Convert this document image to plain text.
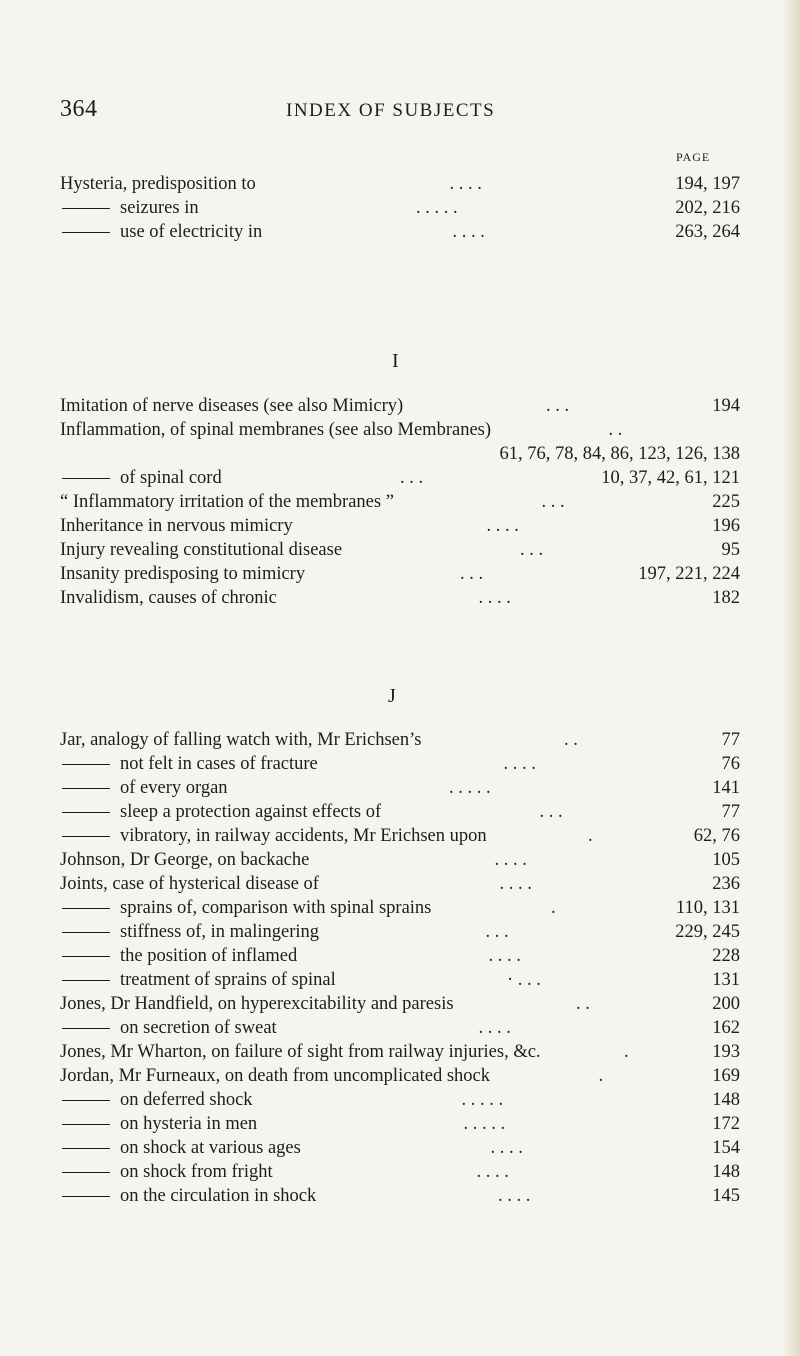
364	INDEX OF SUBJECTS
PAGE
Hysteria, predisposition to	. . . .	194, 197
seizures in	. . . . .	202, 216
use of electricity in	. . . .	263, 264
I
Imitation of nerve diseases (see also Mimicry)	. . .	194
Inflammation, of spinal membranes (see also Membranes)	. .
61, 76, 78, 84, 86, 123, 126, 138
of spinal cord	. . .	10, 37, 42, 61, 121
“ Inflammatory irritation of the membranes ”	. . .	225
Inheritance in nervous mimicry	. . . .	196
Injury revealing constitutional disease	. . .	95
Insanity predisposing to mimicry	. . .	197, 221, 224
Invalidism, causes of chronic	. . . .	182
J
Jar, analogy of falling watch with, Mr Erichsen’s	. .	77
not felt in cases of fracture	. . . .	76
of every organ	. . . . .	141
sleep a protection against effects of	. . .	77
vibratory, in railway accidents, Mr Erichsen upon	.	62, 76
Johnson, Dr George, on backache	. . . .	105
Joints, case of hysterical disease of	. . . .	236
sprains of, comparison with spinal sprains	.	110, 131
stiffness of, in malingering	. . .	229, 245
the position of inflamed	. . . .	228
treatment of sprains of spinal	· . . .	131
Jones, Dr Handfield, on hyperexcitability and paresis	. .	200
on secretion of sweat	. . . .	162
Jones, Mr Wharton, on failure of sight from railway injuries, &c.	.	193
Jordan, Mr Furneaux, on death from uncomplicated shock	.	169
on deferred shock	. . . . .	148
on hysteria in men	. . . . .	172
on shock at various ages	. . . .	154
on shock from fright	. . . .	148
on the circulation in shock	. . . .	145
